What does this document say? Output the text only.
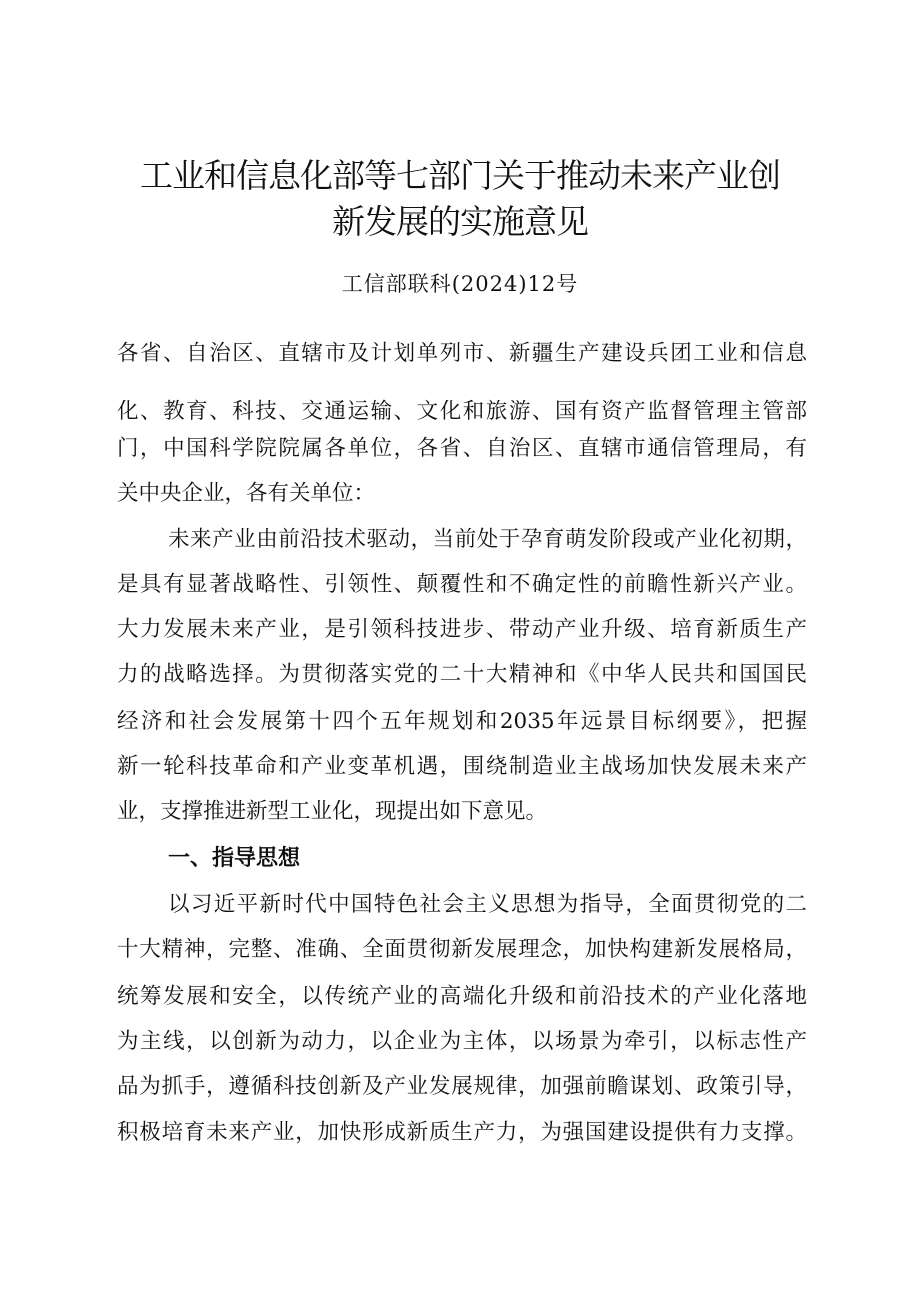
工业和信息化部等七部门关于推动未来产业创
新发展的实施意见
工信部联科(2024)12号
各省、自治区、直辖市及计划单列市、新疆生产建设兵团工业和信息
化、教育、科技、交通运输、文化和旅游、国有资产监督管理主管部
门，中国科学院院属各单位，各省、自治区、直辖市通信管理局，有
关中央企业，各有关单位：
未来产业由前沿技术驱动，当前处于孕育萌发阶段或产业化初期，
是具有显著战略性、引领性、颠覆性和不确定性的前瞻性新兴产业。
大力发展未来产业，是引领科技进步、带动产业升级、培育新质生产
力的战略选择。为贯彻落实党的二十大精神和《中华人民共和国国民
经济和社会发展第十四个五年规划和2035年远景目标纲要》，把握
新一轮科技革命和产业变革机遇，围绕制造业主战场加快发展未来产
业，支撑推进新型工业化，现提出如下意见。
一、指导思想
以习近平新时代中国特色社会主义思想为指导，全面贯彻党的二
十大精神，完整、准确、全面贯彻新发展理念，加快构建新发展格局，
统筹发展和安全，以传统产业的高端化升级和前沿技术的产业化落地
为主线，以创新为动力，以企业为主体，以场景为牵引，以标志性产
品为抓手，遵循科技创新及产业发展规律，加强前瞻谋划、政策引导，
积极培育未来产业，加快形成新质生产力，为强国建设提供有力支撑。
